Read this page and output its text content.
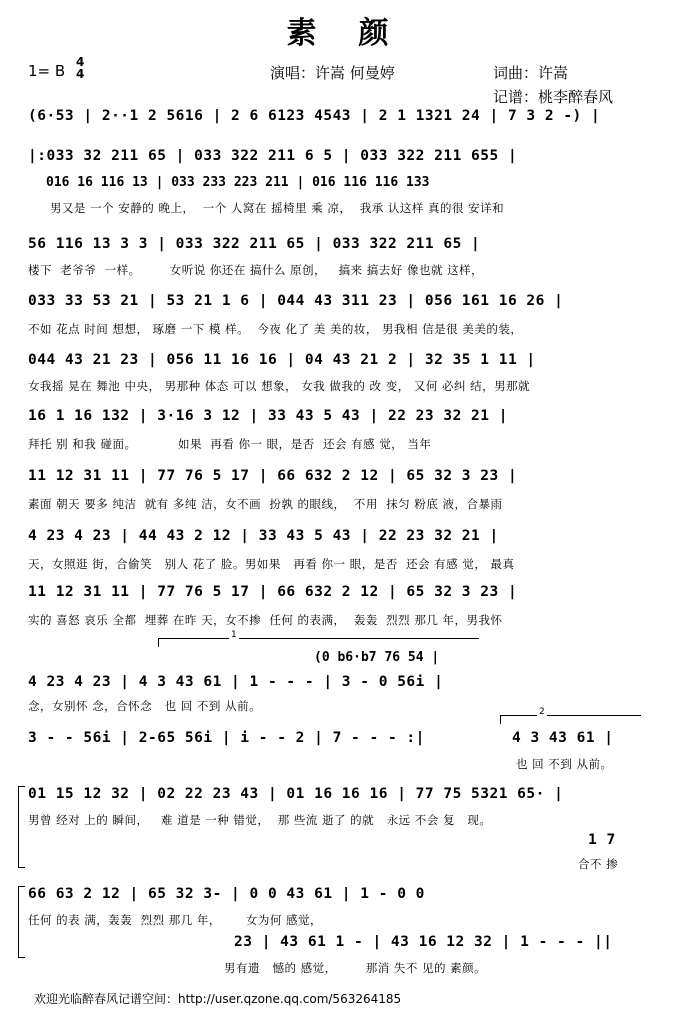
素颜
1= B 4
4	演唱：许嵩 何曼婷	词曲：许嵩
记谱：桃李醉春风
(6·53 | 2··1 2 5616 | 2 6 6123 4543 | 2 1 1321 24 | 7 3 2 -) |
|:033 32 211 65 | 033 322 211 6 5 | 033 322 211 655 |
016 16 116 13 | 033 233 223 211 | 016 116 116 133
男又是 一个 安静的 晚上，  一个 人窝在 摇椅里 乘 凉，  我承 认这样 真的很 安详和
56 116 13 3 3 | 033 322 211 65 | 033 322 211 65 |
楼下  老爷爷  一样。       女听说 你还在 搞什么 原创，   搞来 搞去好 像也就 这样，
033 33 53 21 | 53 21 1 6 | 044 43 311 23 | 056 161 16 26 |
不如 花点 时间 想想， 琢磨 一下 模 样。  今夜 化了 美 美的妆， 男我相 信是很 美美的装，
044 43 21 23 | 056 11 16 16 | 04 43 21 2 | 32 35 1 11 |
女我摇 晃在 舞池 中央， 男那种 体态 可以 想象， 女我 做我的 改 变， 又何 必纠 结，男那就
16 1 16 132 | 3·16 3 12 | 33 43 5 43 | 22 23 32 21 |
拜托 别 和我 碰面。          如果  再看 你一 眼，是否  还会 有感 觉， 当年
11 12 31 11 | 77 76 5 17 | 66 632 2 12 | 65 32 3 23 |
素面 朝天 要多 纯洁  就有 多纯 洁，女不画  扮孰 的眼线，  不用  抹匀 粉底 液，合暴雨
4 23 4 23 | 44 43 2 12 | 33 43 5 43 | 22 23 32 21 |
天，女照逛 街，合偷笑   别人 花了 脸。男如果   再看 你一 眼，是否  还会 有感 觉， 最真
11 12 31 11 | 77 76 5 17 | 66 632 2 12 | 65 32 3 23 |
实的 喜怒 哀乐 全都  埋葬 在昨 天，女不掺  任何 的表满，  轰轰  烈烈 那几 年，男我怀
1
(0 b6·b7 76 54 |
4 23 4 23 | 4 3 43 61 | 1 - - - | 3 - 0 56i |
念，女别怀 念，合怀念   也 回 不到 从前。
3 - - 56i | 2-65 56i | i - - 2 | 7 - - - :|
2
4 3 43 61 |
也 回 不到 从前。
01 15 12 32 | 02 22 23 43 | 01 16 16 16 | 77 75 5321 65· |
男曾 经对 上的 瞬间，   难 道是 一种 错觉，  那 些流 逝了 的就   永远 不会 复   现。
1 7
合不 掺
66 63 2 12 | 65 32 3- | 0 0 43 61 | 1 - 0 0
任何 的表 满，轰轰  烈烈 那几 年，      女为何 感觉，
23 | 43 61 1 - | 43 16 12 32 | 1 - - - ||
男有遗   憾的 感觉，       那消 失不 见的 素颜。
欢迎光临醉春风记谱空间：http://user.qzone.qq.com/563264185
